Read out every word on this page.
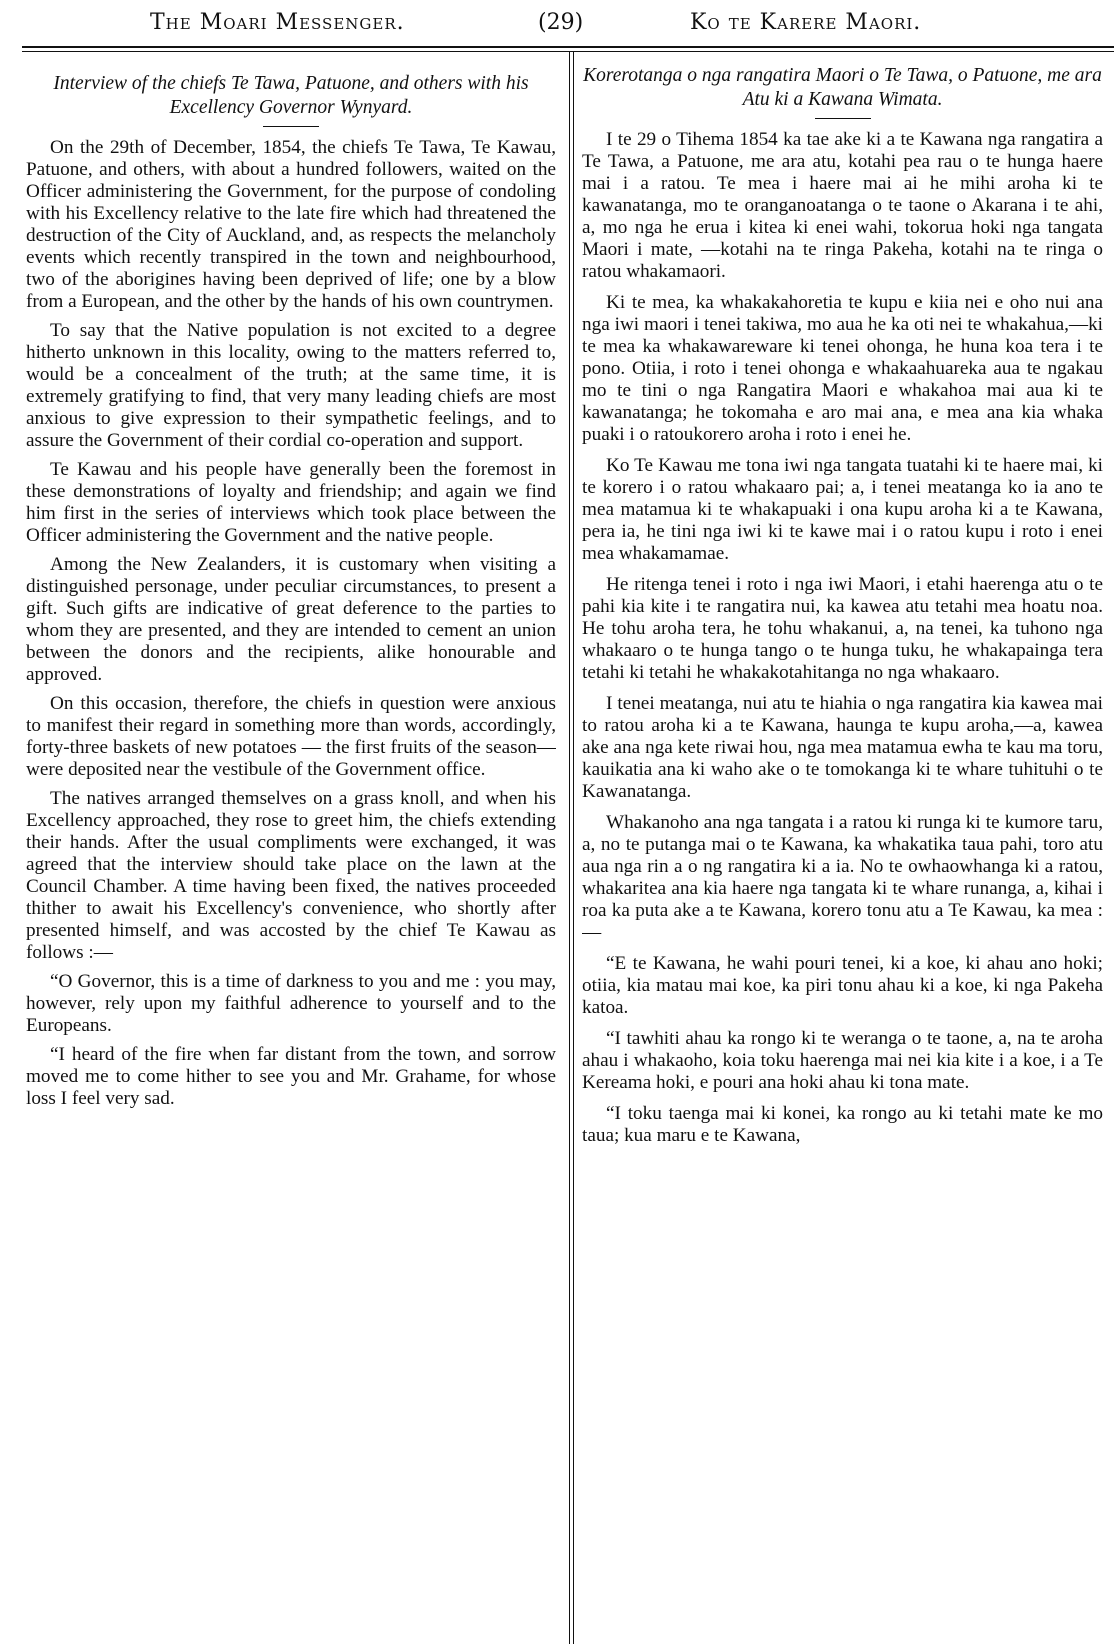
The Moari Messenger.	(29)	Ko te Karere Maori.
Interview of the chiefs Te Tawa, Patuone, and others with his Excellency Governor Wynyard.

On the 29th of December, 1854, the chiefs Te Tawa, Te Kawau, Patuone, and others, with about a hundred followers, waited on the Officer administering the Government, for the purpose of condoling with his Excellency relative to the late fire which had threatened the destruction of the City of Auckland, and, as respects the melancholy events which recently transpired in the town and neighbourhood, two of the aborigines having been deprived of life; one by a blow from a European, and the other by the hands of his own countrymen.

To say that the Native population is not excited to a degree hitherto unknown in this locality, owing to the matters referred to, would be a concealment of the truth; at the same time, it is extremely gratifying to find, that very many leading chiefs are most anxious to give expression to their sympathetic feelings, and to assure the Government of their cordial co-operation and support.

Te Kawau and his people have generally been the foremost in these demonstrations of loyalty and friendship; and again we find him first in the series of interviews which took place between the Officer administering the Government and the native people.

Among the New Zealanders, it is customary when visiting a distinguished personage, under peculiar circumstances, to present a gift. Such gifts are indicative of great deference to the parties to whom they are presented, and they are intended to cement an union between the donors and the recipients, alike honourable and approved.

On this occasion, therefore, the chiefs in question were anxious to manifest their regard in something more than words, accordingly, forty-three baskets of new potatoes — the first fruits of the season—were deposited near the vestibule of the Government office.

The natives arranged themselves on a grass knoll, and when his Excellency approached, they rose to greet him, the chiefs extending their hands. After the usual compliments were exchanged, it was agreed that the interview should take place on the lawn at the Council Chamber. A time having been fixed, the natives proceeded thither to await his Excellency's convenience, who shortly after presented himself, and was accosted by the chief Te Kawau as follows :—

“O Governor, this is a time of darkness to you and me : you may, however, rely upon my faithful adherence to yourself and to the Europeans.

“I heard of the fire when far distant from the town, and sorrow moved me to come hither to see you and Mr. Grahame, for whose loss I feel very sad.

Korerotanga o nga rangatira Maori o Te Tawa, o Patuone, me ara Atu ki a Kawana Wimata.

I te 29 o Tihema 1854 ka tae ake ki a te Kawana nga rangatira a Te Tawa, a Patuone, me ara atu, kotahi pea rau o te hunga haere mai i a ratou. Te mea i haere mai ai he mihi aroha ki te kawanatanga, mo te oranganoatanga o te taone o Akarana i te ahi, a, mo nga he erua i kitea ki enei wahi, tokorua hoki nga tangata Maori i mate, —kotahi na te ringa Pakeha, kotahi na te ringa o ratou whakamaori.

Ki te mea, ka whakakahoretia te kupu e kiia nei e oho nui ana nga iwi maori i tenei takiwa, mo aua he ka oti nei te whakahua,—ki te mea ka whakawareware ki tenei ohonga, he huna koa tera i te pono. Otiia, i roto i tenei ohonga e whakaahuareka aua te ngakau mo te tini o nga Rangatira Maori e whakahoa mai aua ki te kawanatanga; he tokomaha e aro mai ana, e mea ana kia whaka puaki i o ratoukorero aroha i roto i enei he.

Ko Te Kawau me tona iwi nga tangata tuatahi ki te haere mai, ki te korero i o ratou whakaaro pai; a, i tenei meatanga ko ia ano te mea matamua ki te whakapuaki i ona kupu aroha ki a te Kawana, pera ia, he tini nga iwi ki te kawe mai i o ratou kupu i roto i enei mea whakamamae.

He ritenga tenei i roto i nga iwi Maori, i etahi haerenga atu o te pahi kia kite i te rangatira nui, ka kawea atu tetahi mea hoatu noa. He tohu aroha tera, he tohu whakanui, a, na tenei, ka tuhono nga whakaaro o te hunga tango o te hunga tuku, he whakapainga tera tetahi ki tetahi he whakakotahitanga no nga whakaaro.

I tenei meatanga, nui atu te hiahia o nga rangatira kia kawea mai to ratou aroha ki a te Kawana, haunga te kupu aroha,—a, kawea ake ana nga kete riwai hou, nga mea matamua ewha te kau ma toru, kauikatia ana ki waho ake o te tomokanga ki te whare tuhituhi o te Kawanatanga.

Whakanoho ana nga tangata i a ratou ki runga ki te kumore taru, a, no te putanga mai o te Kawana, ka whakatika taua pahi, toro atu aua nga rin a o ng rangatira ki a ia. No te owhaowhanga ki a ratou, whakaritea ana kia haere nga tangata ki te whare runanga, a, kihai i roa ka puta ake a te Kawana, korero tonu atu a Te Kawau, ka mea :—

“E te Kawana, he wahi pouri tenei, ki a koe, ki ahau ano hoki; otiia, kia matau mai koe, ka piri tonu ahau ki a koe, ki nga Pakeha katoa.

“I tawhiti ahau ka rongo ki te weranga o te taone, a, na te aroha ahau i whakaoho, koia toku haerenga mai nei kia kite i a koe, i a Te Kereama hoki, e pouri ana hoki ahau ki tona mate.

“I toku taenga mai ki konei, ka rongo au ki tetahi mate ke mo taua; kua maru e te Kawana,
